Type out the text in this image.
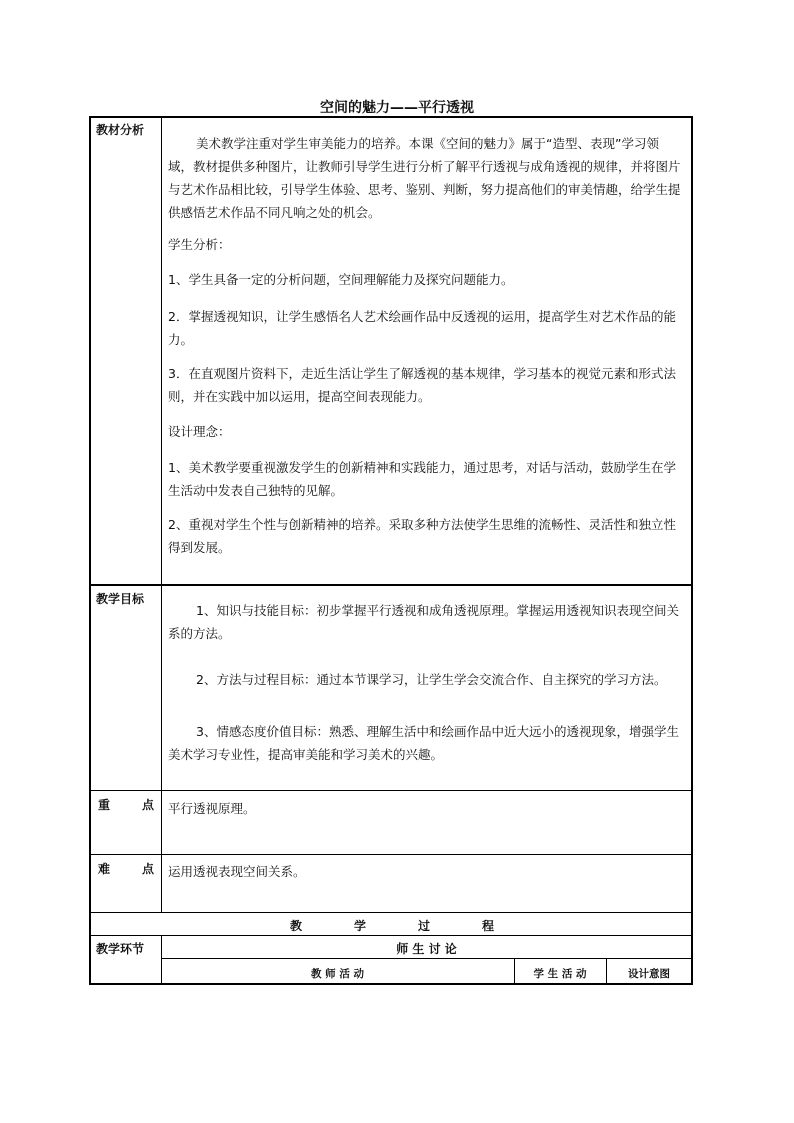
空间的魅力——平行透视
教材分析

美术教学注重对学生审美能力的培养。本课《空间的魅力》属于“造型、表现”学习领域，教材提供多种图片，让教师引导学生进行分析了解平行透视与成角透视的规律，并将图片与艺术作品相比较，引导学生体验、思考、鉴别、判断，努力提高他们的审美情趣，给学生提供感悟艺术作品不同凡响之处的机会。

学生分析：

1、学生具备一定的分析问题，空间理解能力及探究问题能力。

2．掌握透视知识，让学生感悟名人艺术绘画作品中反透视的运用，提高学生对艺术作品的能力。

3．在直观图片资料下，走近生活让学生了解透视的基本规律，学习基本的视觉元素和形式法则，并在实践中加以运用，提高空间表现能力。

设计理念：

1、美术教学要重视激发学生的创新精神和实践能力，通过思考，对话与活动，鼓励学生在学生活动中发表自己独特的见解。

2、重视对学生个性与创新精神的培养。采取多种方法使学生思维的流畅性、灵活性和独立性得到发展。

教学目标

1、知识与技能目标：初步掌握平行透视和成角透视原理。掌握运用透视知识表现空间关系的方法。

2、方法与过程目标：通过本节课学习，让学生学会交流合作、自主探究的学习方法。

3、情感态度价值目标：熟悉、理解生活中和绘画作品中近大远小的透视现象，增强学生美术学习专业性，提高审美能和学习美术的兴趣。

重	点 平行透视原理。

难	点 运用透视表现空间关系。

教	学	过	程
教学环节	师 生 讨 论
教 师 活 动	学 生 活 动	设计意图
